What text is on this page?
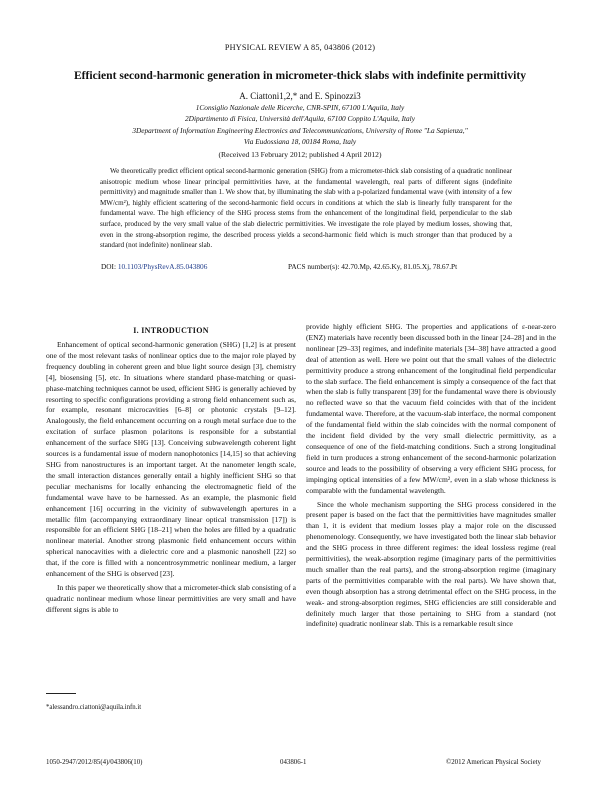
PHYSICAL REVIEW A 85, 043806 (2012)
Efficient second-harmonic generation in micrometer-thick slabs with indefinite permittivity
A. Ciattoni1,2,* and E. Spinozzi3
1Consiglio Nazionale delle Ricerche, CNR-SPIN, 67100 L'Aquila, Italy
2Dipartimento di Fisica, Università dell'Aquila, 67100 Coppito L'Aquila, Italy
3Department of Information Engineering Electronics and Telecommunications, University of Rome "La Sapienza,"
Via Eudossiana 18, 00184 Roma, Italy
(Received 13 February 2012; published 4 April 2012)

We theoretically predict efficient optical second-harmonic generation (SHG) from a micrometer-thick slab consisting of a quadratic nonlinear anisotropic medium whose linear principal permittivities have, at the fundamental wavelength, real parts of different signs (indefinite permittivity) and magnitude smaller than 1. We show that, by illuminating the slab with a p-polarized fundamental wave (with intensity of a few MW/cm²), highly efficient scattering of the second-harmonic field occurs in conditions at which the slab is linearly fully transparent for the fundamental wave. The high efficiency of the SHG process stems from the enhancement of the longitudinal field, perpendicular to the slab surface, produced by the very small value of the slab dielectric permittivities. We investigate the role played by medium losses, showing that, even in the strong-absorption regime, the described process yields a second-harmonic field which is much stronger than that produced by a standard (not indefinite) nonlinear slab.

DOI: 10.1103/PhysRevA.85.043806	PACS number(s): 42.70.Mp, 42.65.Ky, 81.05.Xj, 78.67.Pt
I. INTRODUCTION

Enhancement of optical second-harmonic generation (SHG) [1,2] is at present one of the most relevant tasks of nonlinear optics due to the major role played by frequency doubling in coherent green and blue light source design [3], chemistry [4], biosensing [5], etc. In situations where standard phase-matching or quasi-phase-matching techniques cannot be used, efficient SHG is generally achieved by resorting to specific configurations providing a strong field enhancement such as, for example, resonant microcavities [6–8] or photonic crystals [9–12]. Analogously, the field enhancement occurring on a rough metal surface due to the excitation of surface plasmon polaritons is responsible for a substantial enhancement of the surface SHG [13]. Conceiving subwavelength coherent light sources is a fundamental issue of modern nanophotonics [14,15] so that achieving SHG from nanostructures is an important target. At the nanometer length scale, the small interaction distances generally entail a highly inefficient SHG so that peculiar mechanisms for locally enhancing the electromagnetic field of the fundamental wave have to be harnessed. As an example, the plasmonic field enhancement [16] occurring in the vicinity of subwavelength apertures in a metallic film (accompanying extraordinary linear optical transmission [17]) is responsible for an efficient SHG [18–21] when the holes are filled by a quadratic nonlinear material. Another strong plasmonic field enhancement occurs within spherical nanocavities with a dielectric core and a plasmonic nanoshell [22] so that, if the core is filled with a noncentrosymmetric nonlinear medium, a larger enhancement of the SHG is observed [23].

In this paper we theoretically show that a micrometer-thick slab consisting of a quadratic nonlinear medium whose linear permittivities are very small and have different signs is able to

provide highly efficient SHG. The properties and applications of ε-near-zero (ENZ) materials have recently been discussed both in the linear [24–28] and in the nonlinear [29–33] regimes, and indefinite materials [34–38] have attracted a good deal of attention as well. Here we point out that the small values of the dielectric permittivity produce a strong enhancement of the longitudinal field perpendicular to the slab surface. The field enhancement is simply a consequence of the fact that when the slab is fully transparent [39] for the fundamental wave there is obviously no reflected wave so that the vacuum field coincides with that of the incident fundamental wave. Therefore, at the vacuum-slab interface, the normal component of the fundamental field within the slab coincides with the normal component of the incident field divided by the very small dielectric permittivity, as a consequence of one of the field-matching conditions. Such a strong longitudinal field in turn produces a strong enhancement of the second-harmonic polarization source and leads to the possibility of observing a very efficient SHG process, for impinging optical intensities of a few MW/cm², even in a slab whose thickness is comparable with the fundamental wavelength.

Since the whole mechanism supporting the SHG process considered in the present paper is based on the fact that the permittivities have magnitudes smaller than 1, it is evident that medium losses play a major role on the discussed phenomenology. Consequently, we have investigated both the linear slab behavior and the SHG process in three different regimes: the ideal lossless regime (real permittivities), the weak-absorption regime (imaginary parts of the permittivities much smaller than the real parts), and the strong-absorption regime (imaginary parts of the permittivities comparable with the real parts). We have shown that, even though absorption has a strong detrimental effect on the SHG process, in the weak- and strong-absorption regimes, SHG efficiencies are still considerable and definitely much larger that those pertaining to SHG from a standard (not indefinite) quadratic nonlinear slab. This is a remarkable result since

*alessandro.ciattoni@aquila.infn.it
1050-2947/2012/85(4)/043806(10)	043806-1	©2012 American Physical Society
